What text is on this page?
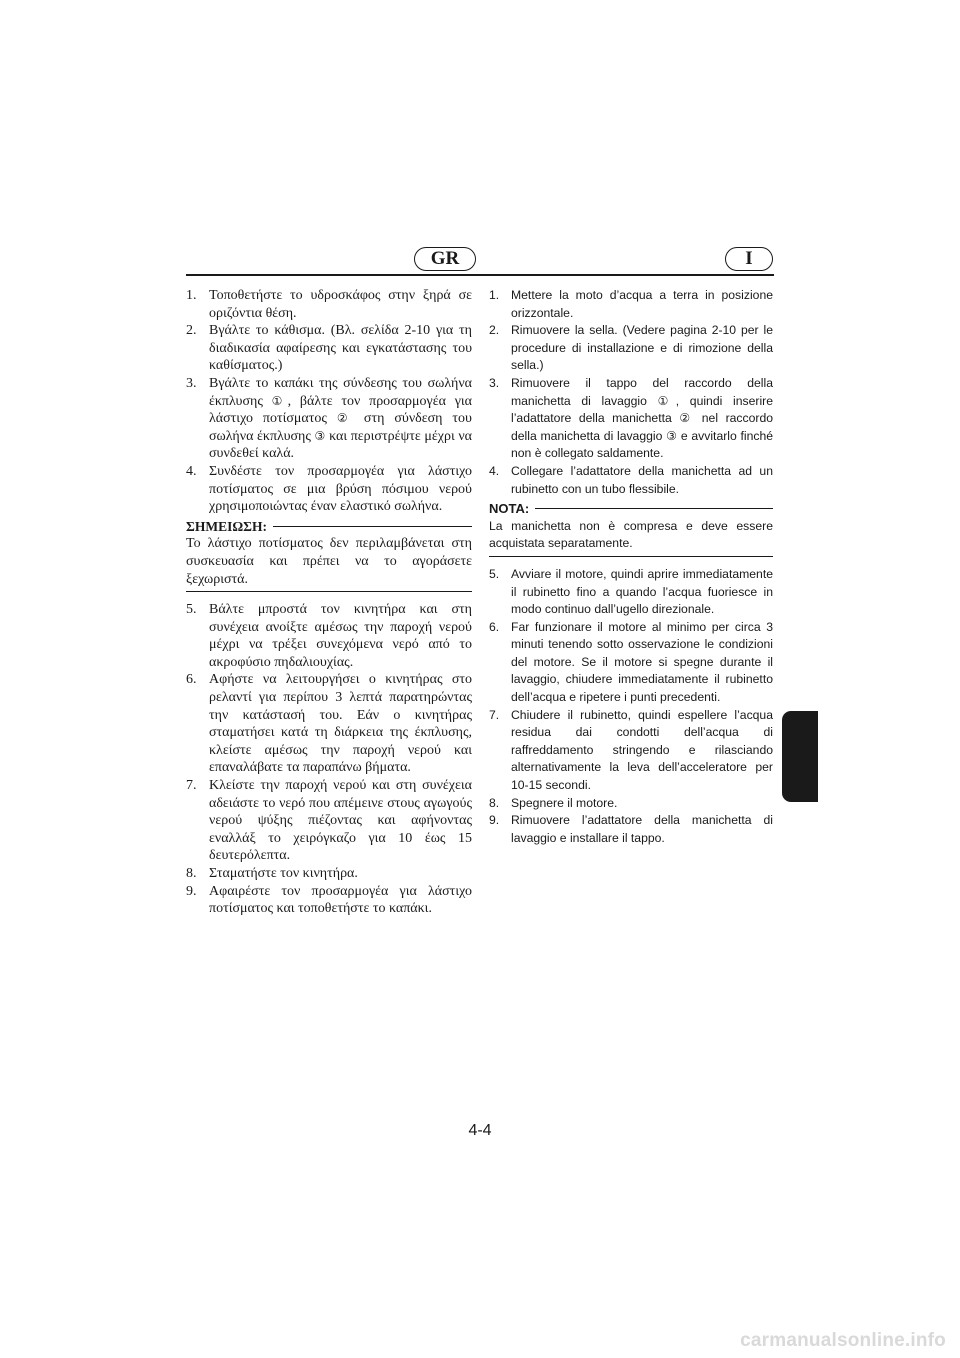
GR	I
1. Τοποθετήστε το υδροσκάφος στην ξηρά σε οριζόντια θέση.
2. Βγάλτε το κάθισμα. (Βλ. σελίδα 2-10 για τη διαδικασία αφαίρεσης και εγκατάστασης του καθίσματος.)
3. Βγάλτε το καπάκι της σύνδεσης του σωλήνα έκπλυσης ①, βάλτε τον προσαρμογέα για λάστιχο ποτίσματος ② στη σύνδεση του σωλήνα έκπλυσης ③ και περιστρέψτε μέχρι να συνδεθεί καλά.
4. Συνδέστε τον προσαρμογέα για λάστιχο ποτίσματος σε μια βρύση πόσιμου νερού χρησιμοποιώντας έναν ελαστικό σωλήνα.
ΣΗΜΕΙΩΣΗ:
Το λάστιχο ποτίσματος δεν περιλαμβάνεται στη συσκευασία και πρέπει να το αγοράσετε ξεχωριστά.
5. Βάλτε μπροστά τον κινητήρα και στη συνέχεια ανοίξτε αμέσως την παροχή νερού μέχρι να τρέξει συνεχόμενα νερό από το ακροφύσιο πηδαλιουχίας.
6. Αφήστε να λειτουργήσει ο κινητήρας στο ρελαντί για περίπου 3 λεπτά παρατηρώντας την κατάστασή του. Εάν ο κινητήρας σταματήσει κατά τη διάρκεια της έκπλυσης, κλείστε αμέσως την παροχή νερού και επαναλάβατε τα παραπάνω βήματα.
7. Κλείστε την παροχή νερού και στη συνέχεια αδειάστε το νερό που απέμεινε στους αγωγούς νερού ψύξης πιέζοντας και αφήνοντας εναλλάξ το χειρόγκαζο για 10 έως 15 δευτερόλεπτα.
8. Σταματήστε τον κινητήρα.
9. Αφαιρέστε τον προσαρμογέα για λάστιχο ποτίσματος και τοποθετήστε το καπάκι.
1. Mettere la moto d’acqua a terra in posizione orizzontale.
2. Rimuovere la sella. (Vedere pagina 2-10 per le procedure di installazione e di rimozione della sella.)
3. Rimuovere il tappo del raccordo della manichetta di lavaggio ①, quindi inserire l’adattatore della manichetta ② nel raccordo della manichetta di lavaggio ③ e avvitarlo finché non è collegato saldamente.
4. Collegare l’adattatore della manichetta ad un rubinetto con un tubo flessibile.
NOTA:
La manichetta non è compresa e deve essere acquistata separatamente.
5. Avviare il motore, quindi aprire immediatamente il rubinetto fino a quando l’acqua fuoriesce in modo continuo dall’ugello direzionale.
6. Far funzionare il motore al minimo per circa 3 minuti tenendo sotto osservazione le condizioni del motore. Se il motore si spegne durante il lavaggio, chiudere immediatamente il rubinetto dell’acqua e ripetere i punti precedenti.
7. Chiudere il rubinetto, quindi espellere l’acqua residua dai condotti dell’acqua di raffreddamento stringendo e rilasciando alternativamente la leva dell’acceleratore per 10-15 secondi.
8. Spegnere il motore.
9. Rimuovere l’adattatore della manichetta di lavaggio e installare il tappo.
4-4
carmanualsonline.info
